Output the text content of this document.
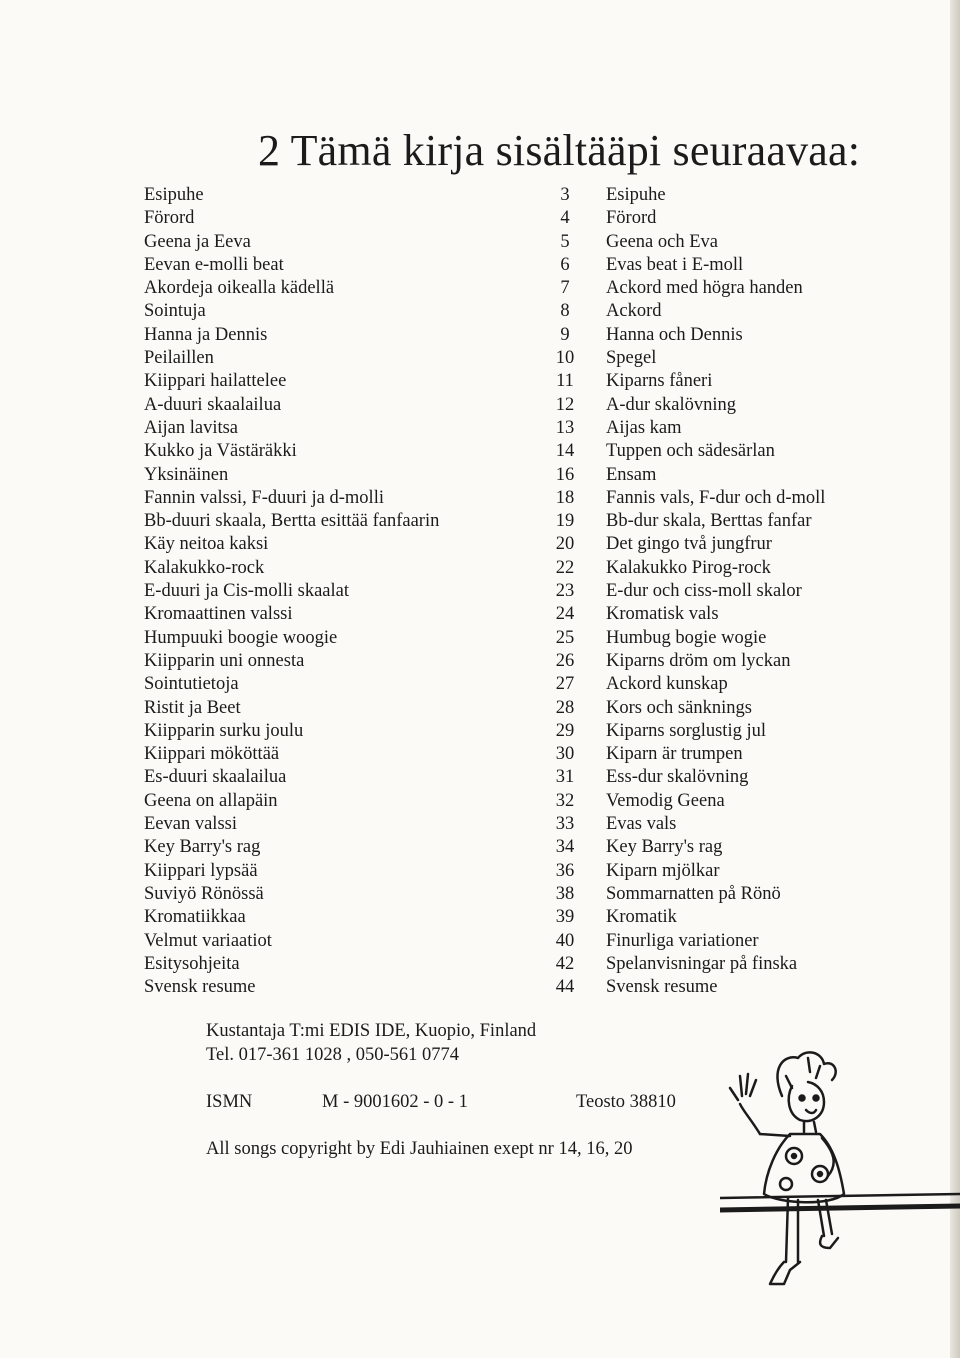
2 Tämä kirja sisältääpi seuraavaa:
Esipuhe	3	Esipuhe
Förord	4	Förord
Geena ja Eeva	5	Geena och Eva
Eevan e-molli beat	6	Evas beat i E-moll
Akordeja oikealla kädellä	7	Ackord med högra handen
Sointuja	8	Ackord
Hanna ja Dennis	9	Hanna och Dennis
Peilaillen	10	Spegel
Kiippari hailattelee	11	Kiparns fåneri
A-duuri skaalailua	12	A-dur skalövning
Aijan lavitsa	13	Aijas kam
Kukko ja Västäräkki	14	Tuppen och sädesärlan
Yksinäinen	16	Ensam
Fannin valssi, F-duuri ja d-molli	18	Fannis vals, F-dur och d-moll
Bb-duuri skaala, Bertta esittää fanfaarin	19	Bb-dur skala, Berttas fanfar
Käy neitoa kaksi	20	Det gingo två jungfrur
Kalakukko-rock	22	Kalakukko Pirog-rock
E-duuri ja Cis-molli skaalat	23	E-dur och ciss-moll skalor
Kromaattinen valssi	24	Kromatisk vals
Humpuuki boogie woogie	25	Humbug bogie wogie
Kiipparin uni onnesta	26	Kiparns dröm om lyckan
Sointutietoja	27	Ackord kunskap
Ristit ja Beet	28	Kors och sänknings
Kiipparin surku joulu	29	Kiparns sorglustig jul
Kiippari mököttää	30	Kiparn är trumpen
Es-duuri skaalailua	31	Ess-dur skalövning
Geena on allapäin	32	Vemodig Geena
Eevan valssi	33	Evas vals
Key Barry's rag	34	Key Barry's rag
Kiippari lypsää	36	Kiparn mjölkar
Suviyö Rönössä	38	Sommarnatten på Rönö
Kromatiikkaa	39	Kromatik
Velmut variaatiot	40	Finurliga variationer
Esitysohjeita	42	Spelanvisningar på finska
Svensk resume	44	Svensk resume
Kustantaja T:mi EDIS IDE, Kuopio, Finland
Tel. 017-361 1028 , 050-561 0774
ISMN	M - 9001602 - 0 - 1	Teosto 38810
All songs copyright by Edi Jauhiainen exept nr 14, 16, 20
